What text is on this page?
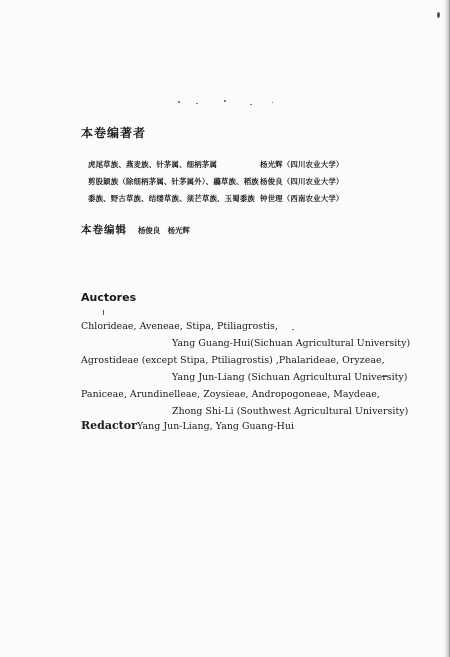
本卷编著者
虎尾草族、燕麦族、针茅属、细柄茅属	杨光辉（四川农业大学）
剪股颖族（除细柄茅属、针茅属外）、虉草族、稻族 杨俊良（四川农业大学）
黍族、野古草族、结缕草族、须芒草族、玉蜀黍族 钟世理（西南农业大学）
本卷编辑 杨俊良　杨光辉
Auctores
Chlorideae, Aveneae, Stipa, Ptiliagrostis,
Yang Guang-Hui(Sichuan Agricultural University)
Agrostideae (except Stipa, Ptiliagrostis) ,Phalarideae, Oryzeae,
Yang Jun-Liang (Sichuan Agricultural University)
Paniceae, Arundinelleae, Zoysieae, Andropogoneae, Maydeae,
Zhong Shi-Li (Southwest Agricultural University)
Redactor Yang Jun-Liang, Yang Guang-Hui
